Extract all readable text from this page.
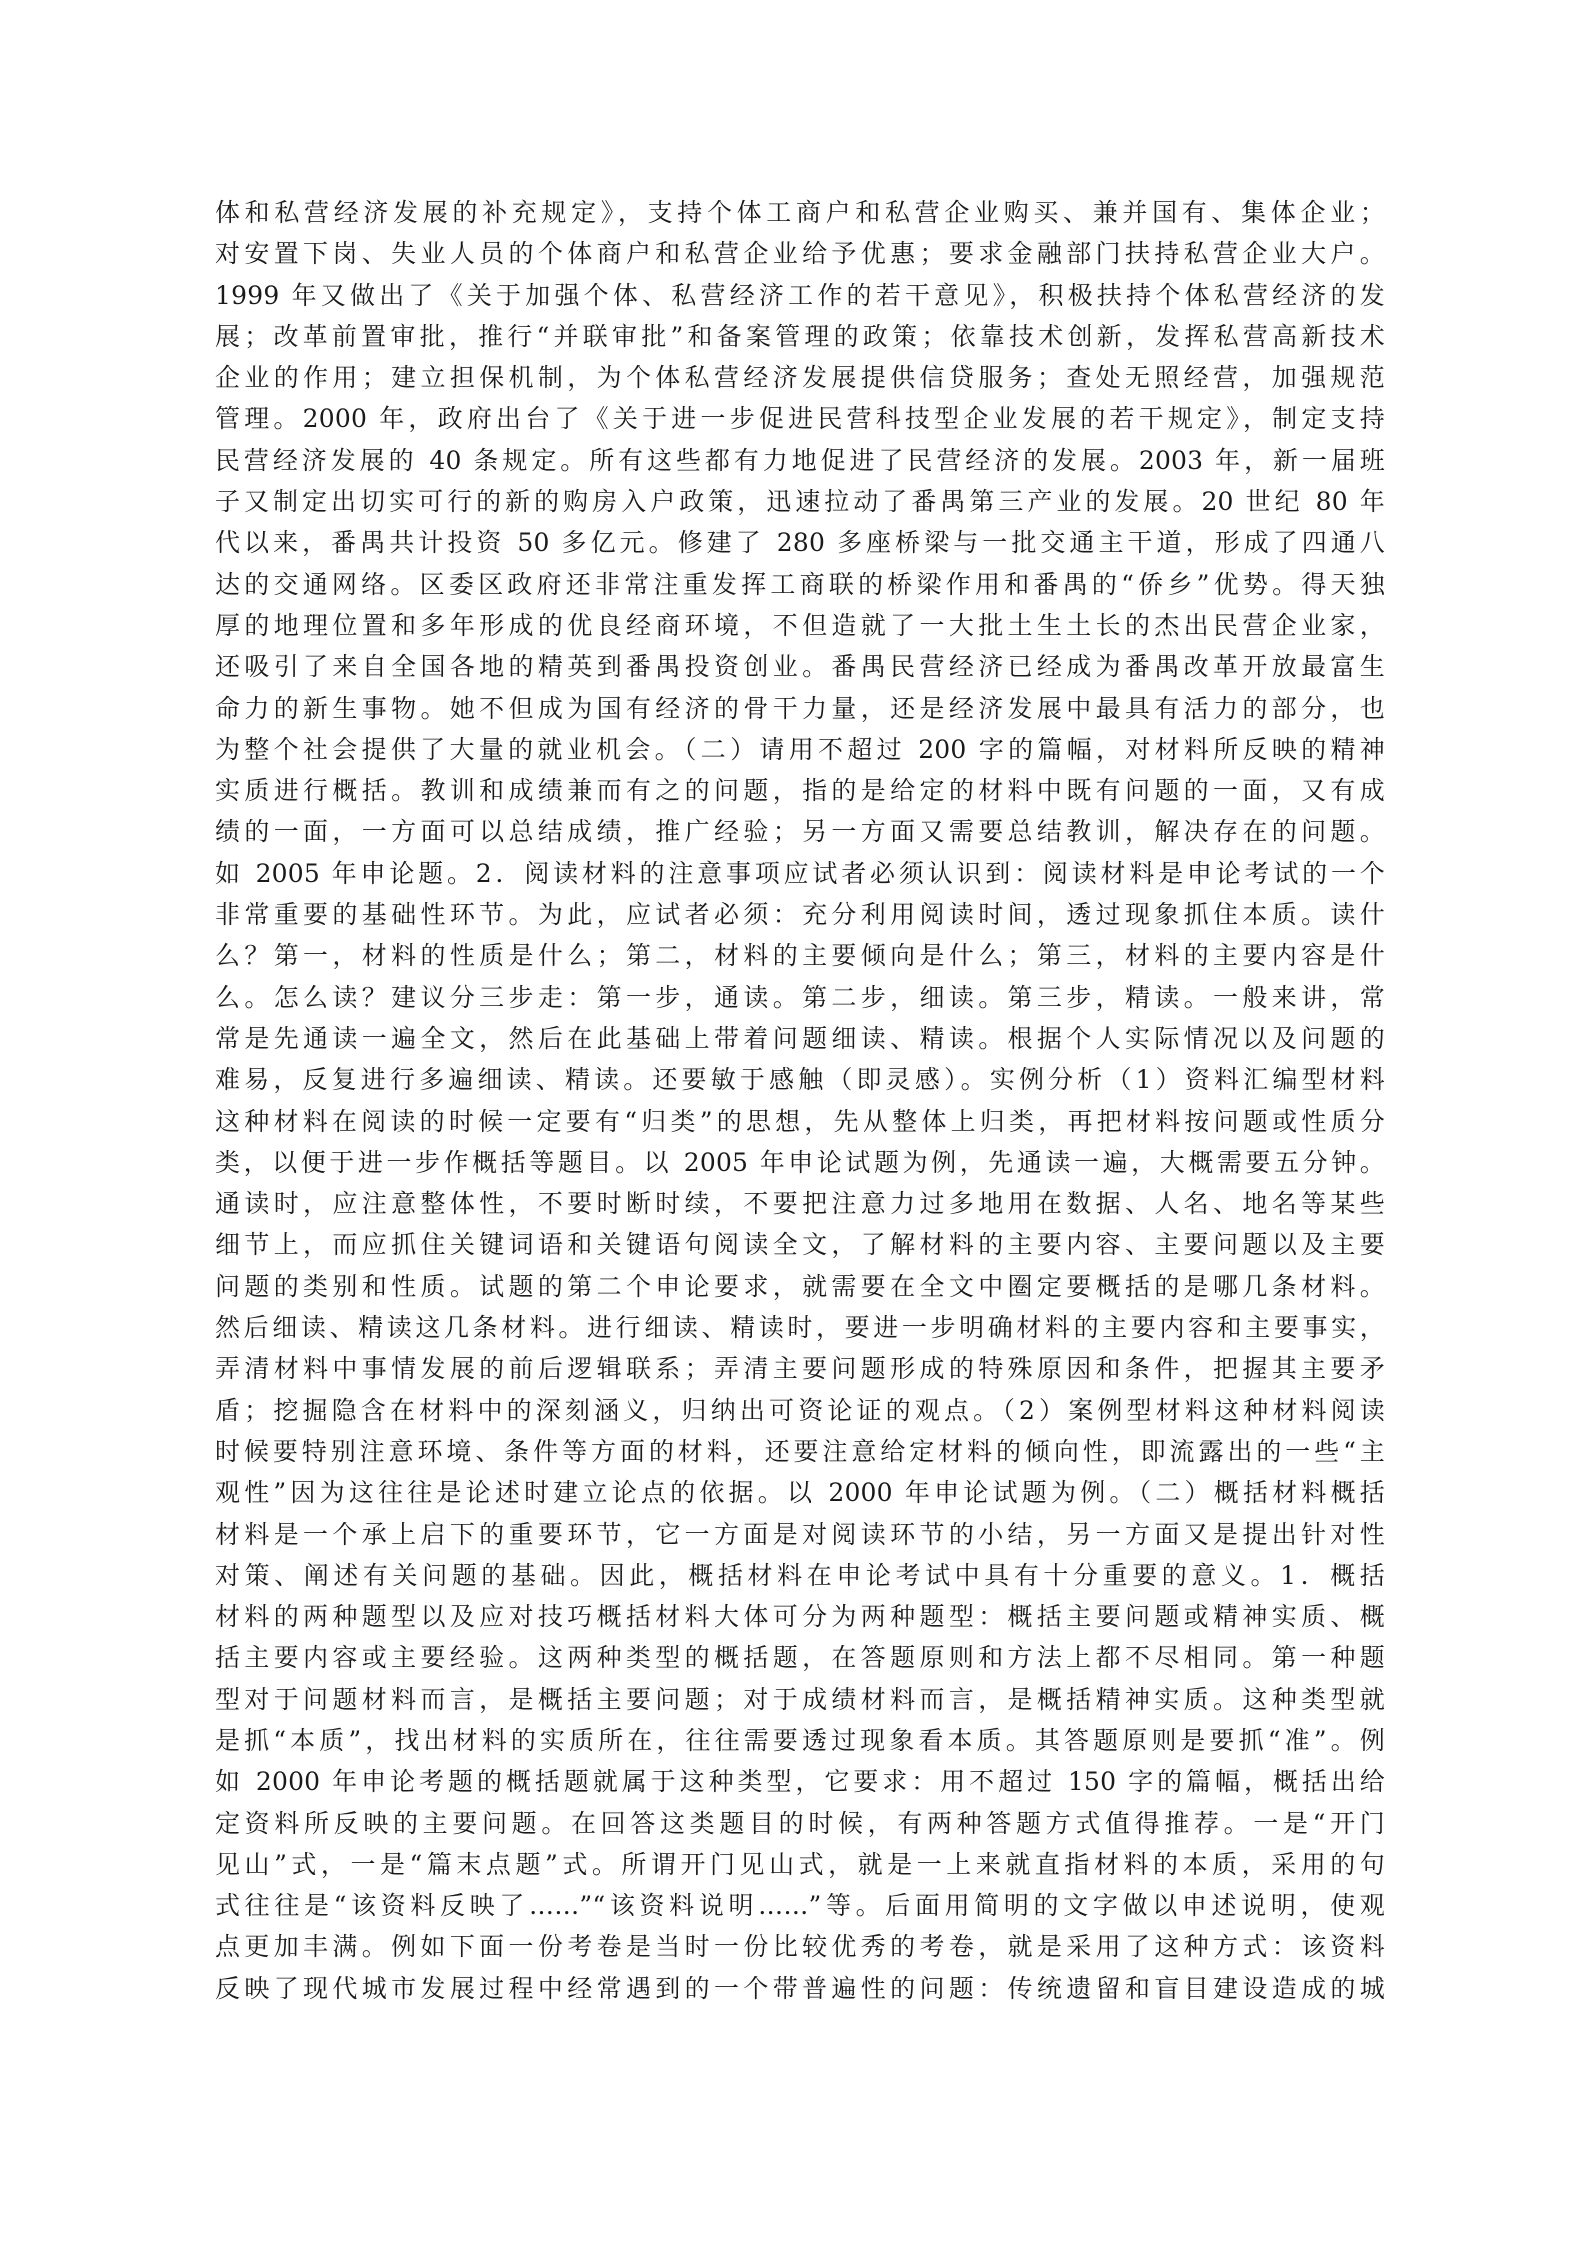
体和私营经济发展的补充规定》，支持个体工商户和私营企业购买、兼并国有、集体企业；
对安置下岗、失业人员的个体商户和私营企业给予优惠；要求金融部门扶持私营企业大户。
1999 年又做出了《关于加强个体、私营经济工作的若干意见》，积极扶持个体私营经济的发
展；改革前置审批，推行“并联审批”和备案管理的政策；依靠技术创新，发挥私营高新技术
企业的作用；建立担保机制，为个体私营经济发展提供信贷服务；查处无照经营，加强规范
管理。2000 年，政府出台了《关于进一步促进民营科技型企业发展的若干规定》，制定支持
民营经济发展的 40 条规定。所有这些都有力地促进了民营经济的发展。2003 年，新一届班
子又制定出切实可行的新的购房入户政策，迅速拉动了番禺第三产业的发展。20 世纪 80 年
代以来，番禺共计投资 50 多亿元。修建了 280 多座桥梁与一批交通主干道，形成了四通八
达的交通网络。区委区政府还非常注重发挥工商联的桥梁作用和番禺的“侨乡”优势。得天独
厚的地理位置和多年形成的优良经商环境，不但造就了一大批土生土长的杰出民营企业家，
还吸引了来自全国各地的精英到番禺投资创业。番禺民营经济已经成为番禺改革开放最富生
命力的新生事物。她不但成为国有经济的骨干力量，还是经济发展中最具有活力的部分，也
为整个社会提供了大量的就业机会。（二）请用不超过 200 字的篇幅，对材料所反映的精神
实质进行概括。教训和成绩兼而有之的问题，指的是给定的材料中既有问题的一面，又有成
绩的一面，一方面可以总结成绩，推广经验；另一方面又需要总结教训，解决存在的问题。
如 2005 年申论题。2．阅读材料的注意事项应试者必须认识到：阅读材料是申论考试的一个
非常重要的基础性环节。为此，应试者必须：充分利用阅读时间，透过现象抓住本质。读什
么？第一，材料的性质是什么；第二，材料的主要倾向是什么；第三，材料的主要内容是什
么。怎么读？建议分三步走：第一步，通读。第二步，细读。第三步，精读。一般来讲，常
常是先通读一遍全文，然后在此基础上带着问题细读、精读。根据个人实际情况以及问题的
难易，反复进行多遍细读、精读。还要敏于感触（即灵感）。实例分析（1）资料汇编型材料
这种材料在阅读的时候一定要有“归类”的思想，先从整体上归类，再把材料按问题或性质分
类，以便于进一步作概括等题目。以 2005 年申论试题为例，先通读一遍，大概需要五分钟。
通读时，应注意整体性，不要时断时续，不要把注意力过多地用在数据、人名、地名等某些
细节上，而应抓住关键词语和关键语句阅读全文，了解材料的主要内容、主要问题以及主要
问题的类别和性质。试题的第二个申论要求，就需要在全文中圈定要概括的是哪几条材料。
然后细读、精读这几条材料。进行细读、精读时，要进一步明确材料的主要内容和主要事实，
弄清材料中事情发展的前后逻辑联系；弄清主要问题形成的特殊原因和条件，把握其主要矛
盾；挖掘隐含在材料中的深刻涵义，归纳出可资论证的观点。（2）案例型材料这种材料阅读
时候要特别注意环境、条件等方面的材料，还要注意给定材料的倾向性，即流露出的一些“主
观性”因为这往往是论述时建立论点的依据。以 2000 年申论试题为例。（二）概括材料概括
材料是一个承上启下的重要环节，它一方面是对阅读环节的小结，另一方面又是提出针对性
对策、阐述有关问题的基础。因此，概括材料在申论考试中具有十分重要的意义。1．概括
材料的两种题型以及应对技巧概括材料大体可分为两种题型：概括主要问题或精神实质、概
括主要内容或主要经验。这两种类型的概括题，在答题原则和方法上都不尽相同。第一种题
型对于问题材料而言，是概括主要问题；对于成绩材料而言，是概括精神实质。这种类型就
是抓“本质”，找出材料的实质所在，往往需要透过现象看本质。其答题原则是要抓“准”。例
如 2000 年申论考题的概括题就属于这种类型，它要求：用不超过 150 字的篇幅，概括出给
定资料所反映的主要问题。在回答这类题目的时候，有两种答题方式值得推荐。一是“开门
见山”式，一是“篇末点题”式。所谓开门见山式，就是一上来就直指材料的本质，采用的句
式往往是“该资料反映了……”“该资料说明……”等。后面用简明的文字做以申述说明，使观
点更加丰满。例如下面一份考卷是当时一份比较优秀的考卷，就是采用了这种方式：该资料
反映了现代城市发展过程中经常遇到的一个带普遍性的问题：传统遗留和盲目建设造成的城
